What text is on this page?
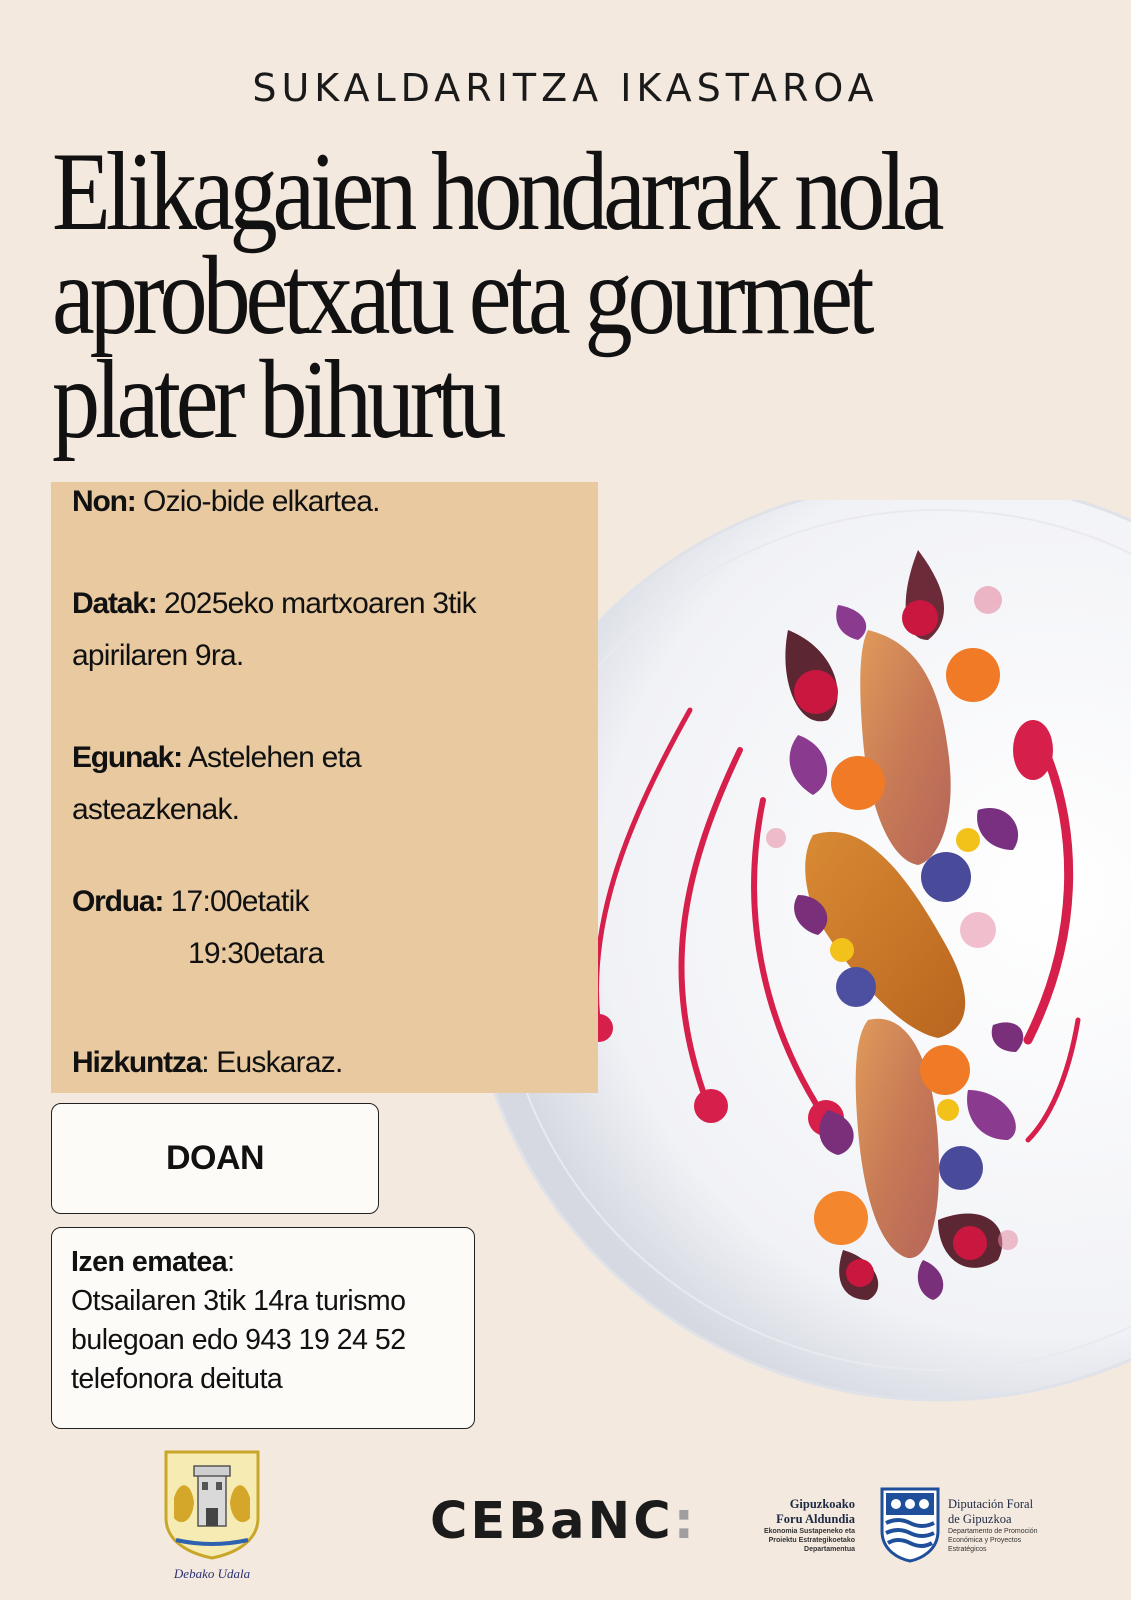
SUKALDARITZA IKASTAROA
Elikagaien hondarrak nola
aprobetxatu eta gourmet
plater bihurtu
Non: Ozio-bide elkartea.
Datak: 2025eko martxoaren 3tik
apirilaren 9ra.
Egunak: Astelehen eta
asteazkenak.
Ordua: 17:00etatik
19:30etara
Hizkuntza: Euskaraz.
DOAN
Izen ematea:
Otsailaren 3tik 14ra turismo
bulegoan edo 943 19 24 52
telefonora deituta
Debako Udala
CEBaNC:	Gipuzkoako
Foru Aldundia
Ekonomia Sustapeneko eta
Proiektu Estrategikoetako
Departamentua
Diputación Foral
de Gipuzkoa
Departamento de Promoción
Económica y Proyectos
Estratégicos
